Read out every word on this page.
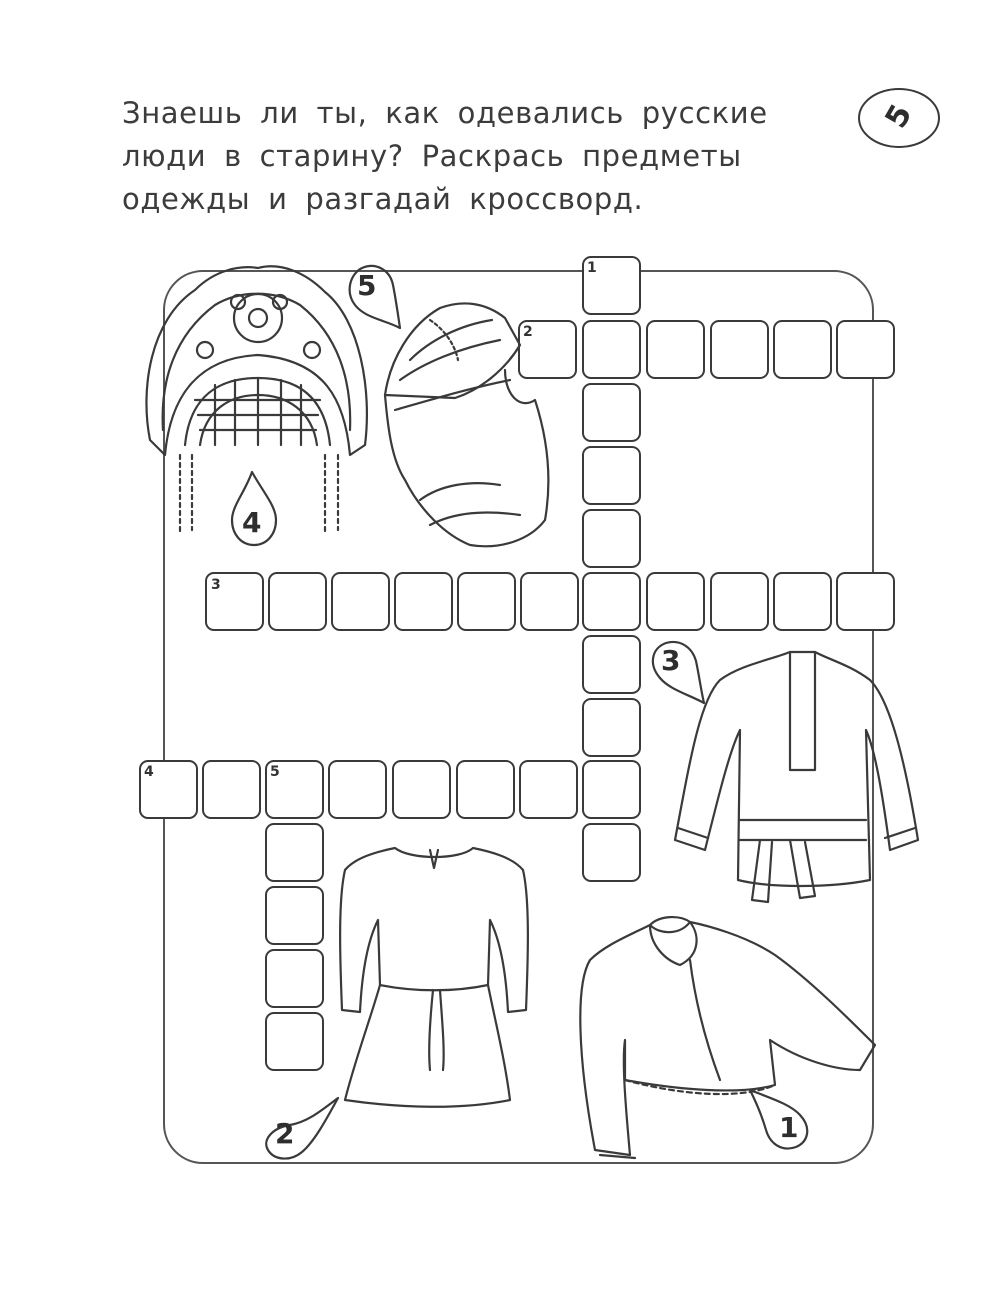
Знаешь ли ты, как одевались русские
люди в старину? Раскрась предметы
одежды и разгадай кроссворд.
5
1
2
3
4	5
4
5
3
2	1
